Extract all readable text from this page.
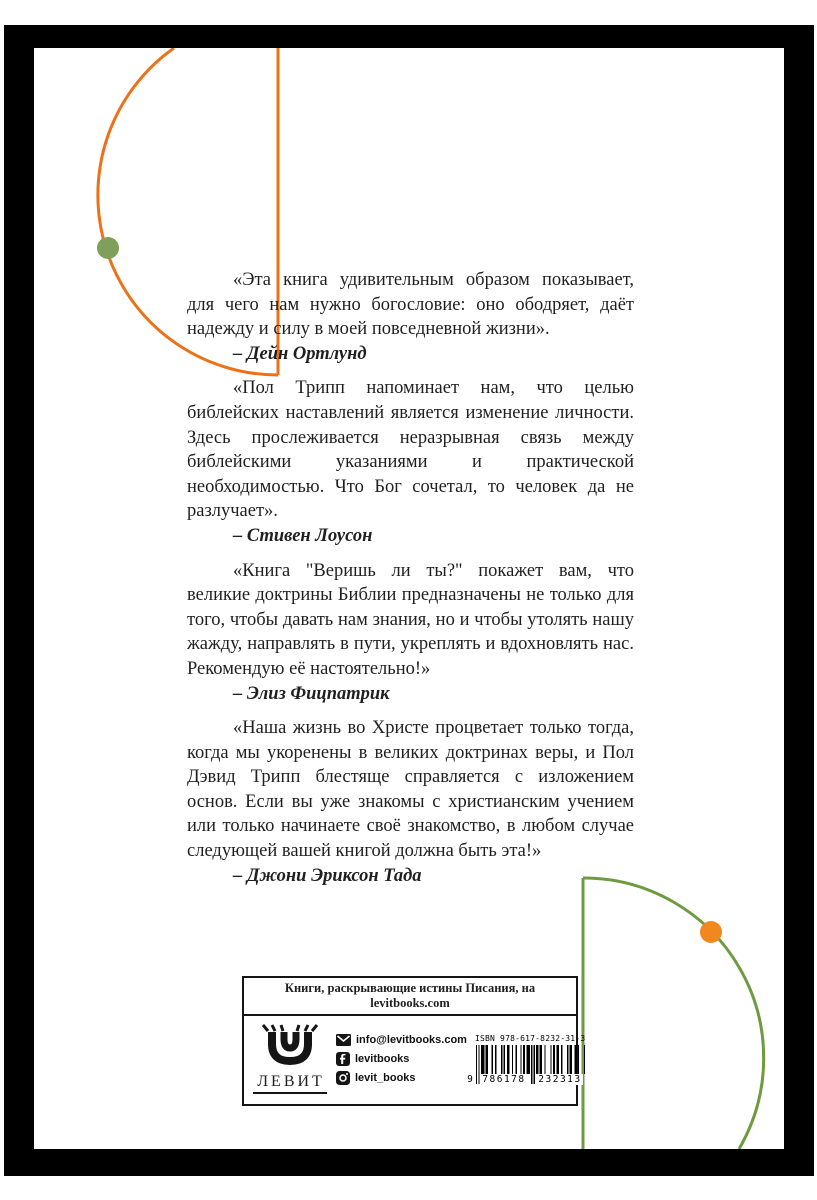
«Эта книга удивительным образом показывает, для чего нам нужно богословие: оно ободряет, даёт надежду и силу в моей повседневной жизни».

– Дейн Ортлунд

«Пол Трипп напоминает нам, что целью библейских наставлений является изменение личности. Здесь прослеживается неразрывная связь между библейскими указаниями и практической необходимостью. Что Бог сочетал, то человек да не разлучает».

– Стивен Лоусон

«Книга "Веришь ли ты?" покажет вам, что великие доктрины Библии предназначены не только для того, чтобы давать нам знания, но и чтобы утолять нашу жажду, направлять в пути, укреплять и вдохновлять нас. Рекомендую её настоятельно!»

– Элиз Фицпатрик

«Наша жизнь во Христе процветает только тогда, когда мы укоренены в великих доктринах веры, и Пол Дэвид Трипп блестяще справляется с изложением основ. Если вы уже знакомы с христианским учением или только начинаете своё знакомство, в любом случае следующей вашей книгой должна быть эта!»

– Джони Эриксон Тада

Книги, раскрывающие истины Писания, на levitbooks.com
ЛЕВИТ
info@levitbooks.com
levitbooks
levit_books
ISBN 978-617-8232-31-3
9 786178 232313
